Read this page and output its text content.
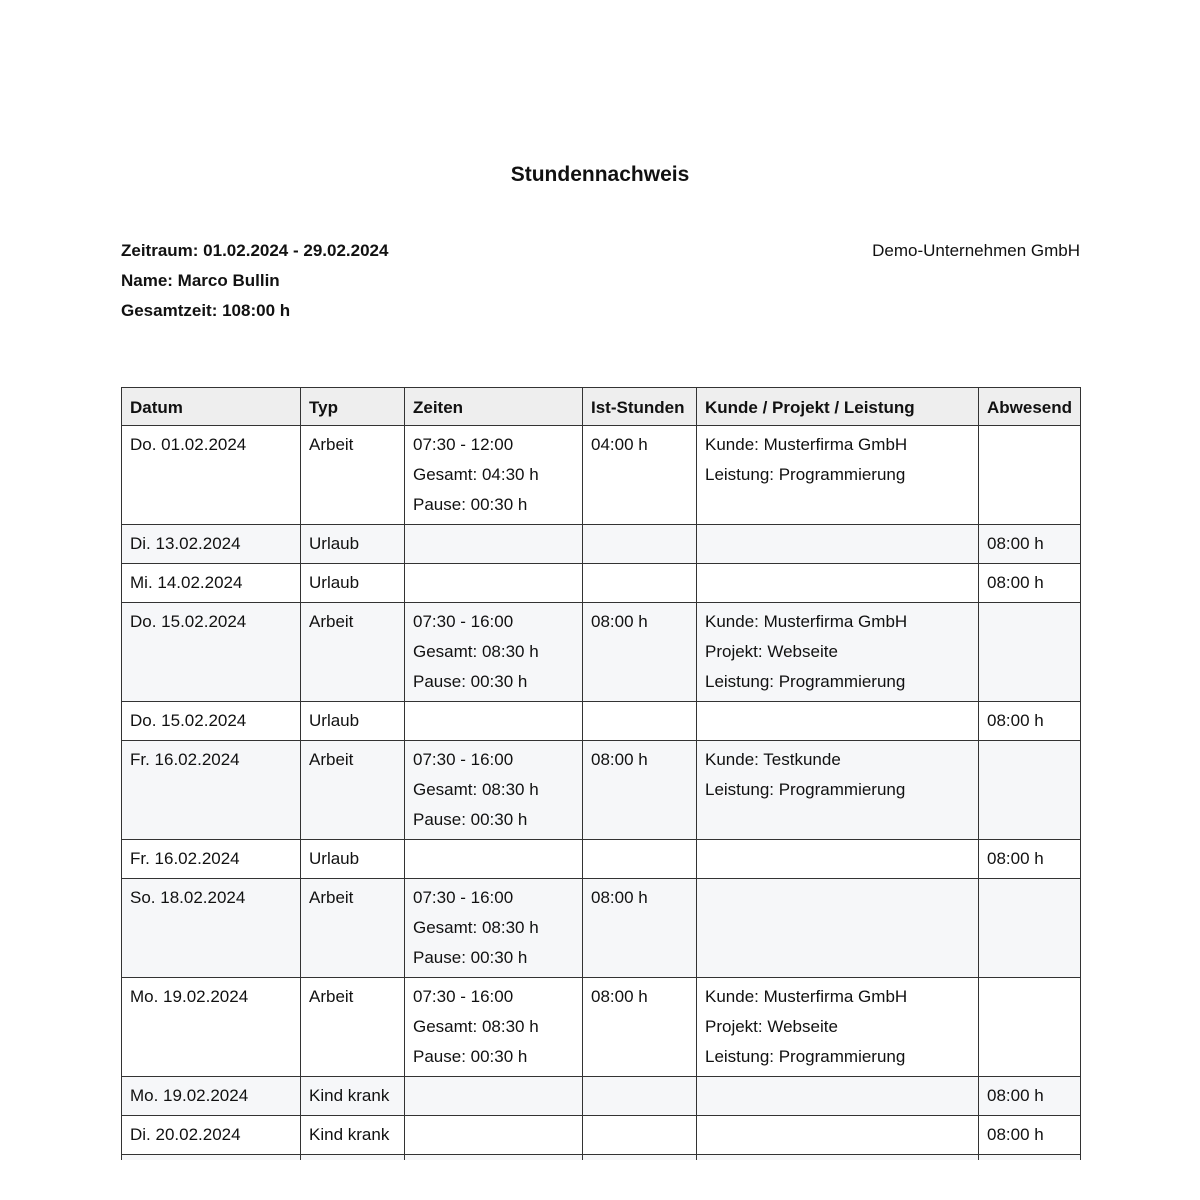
Stundennachweis
Zeitraum: 01.02.2024 - 29.02.2024
Name: Marco Bullin
Gesamtzeit: 108:00 h
Demo-Unternehmen GmbH
Datum	Typ	Zeiten	Ist-Stunden	Kunde / Projekt / Leistung	Abwesend
Do. 01.02.2024	Arbeit	07:30 - 12:00
Gesamt: 04:30 h
Pause: 00:30 h	04:00 h	Kunde: Musterfirma GmbH
Leistung: Programmierung	

Di. 13.02.2024	Urlaub				08:00 h
Mi. 14.02.2024	Urlaub				08:00 h
Do. 15.02.2024	Arbeit	07:30 - 16:00
Gesamt: 08:30 h
Pause: 00:30 h	08:00 h	Kunde: Musterfirma GmbH
Projekt: Webseite
Leistung: Programmierung	

Do. 15.02.2024	Urlaub				08:00 h
Fr. 16.02.2024	Arbeit	07:30 - 16:00
Gesamt: 08:30 h
Pause: 00:30 h	08:00 h	Kunde: Testkunde
Leistung: Programmierung	

Fr. 16.02.2024	Urlaub				08:00 h
So. 18.02.2024	Arbeit	07:30 - 16:00
Gesamt: 08:30 h
Pause: 00:30 h	08:00 h		
Mo. 19.02.2024	Arbeit	07:30 - 16:00
Gesamt: 08:30 h
Pause: 00:30 h	08:00 h	Kunde: Musterfirma GmbH
Projekt: Webseite
Leistung: Programmierung	

Mo. 19.02.2024	Kind krank				08:00 h
Di. 20.02.2024	Kind krank				08:00 h
